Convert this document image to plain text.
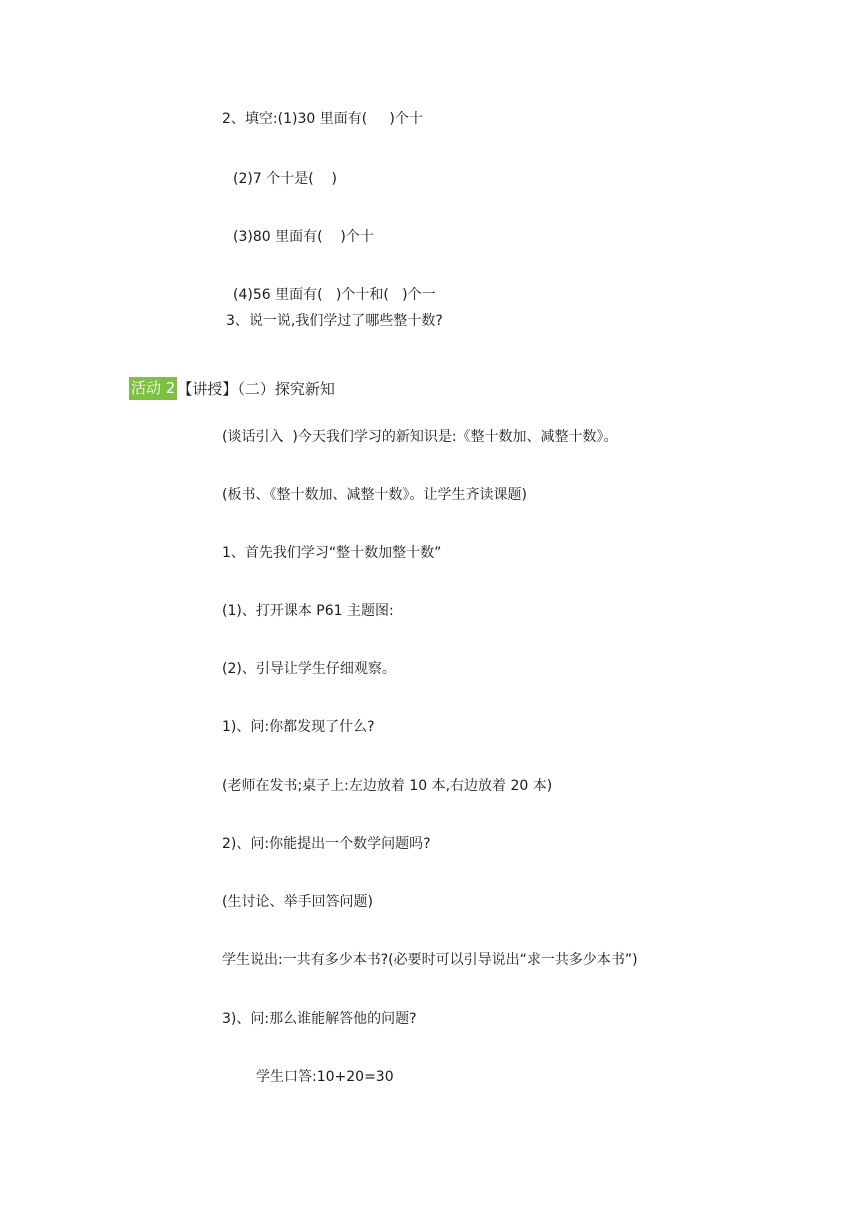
2、填空:(1)30 里面有(     )个十
(2)7 个十是(    )
(3)80 里面有(    )个十
(4)56 里面有(   )个十和(   )个一
3、说一说,我们学过了哪些整十数?
活动 2 【讲授】（二）探究新知
(谈话引入  )今天我们学习的新知识是:《整十数加、减整十数》。
(板书、《整十数加、减整十数》。让学生齐读课题)
1、首先我们学习“整十数加整十数”
(1)、打开课本 P61 主题图:
(2)、引导让学生仔细观察。
1)、问:你都发现了什么?
(老师在发书;桌子上:左边放着 10 本,右边放着 20 本)
2)、问:你能提出一个数学问题吗?
(生讨论、举手回答问题)
学生说出:一共有多少本书?(必要时可以引导说出“求一共多少本书”)
3)、问:那么谁能解答他的问题?
学生口答:10+20=30
